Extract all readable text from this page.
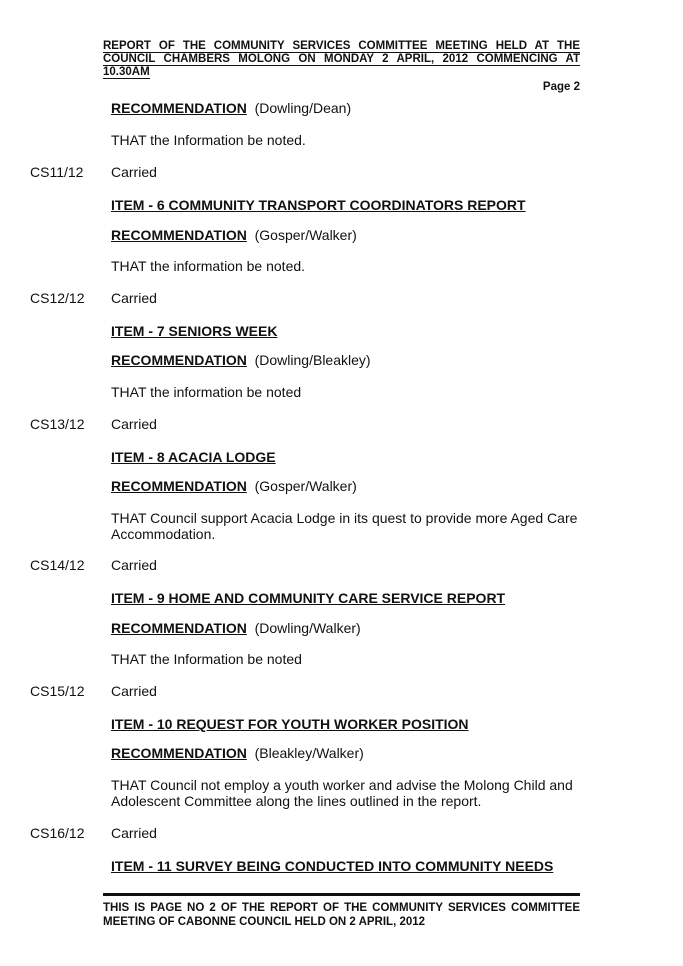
REPORT OF THE COMMUNITY SERVICES COMMITTEE MEETING HELD AT THE COUNCIL CHAMBERS MOLONG ON MONDAY 2 APRIL, 2012 COMMENCING AT 10.30AM
Page 2
RECOMMENDATION (Dowling/Dean)
THAT the Information be noted.
CS11/12 Carried
ITEM - 6 COMMUNITY TRANSPORT COORDINATORS REPORT
RECOMMENDATION (Gosper/Walker)
THAT the information be noted.
CS12/12 Carried
ITEM - 7 SENIORS WEEK
RECOMMENDATION (Dowling/Bleakley)
THAT the information be noted
CS13/12 Carried
ITEM - 8 ACACIA LODGE
RECOMMENDATION (Gosper/Walker)
THAT Council support Acacia Lodge in its quest to provide more Aged Care Accommodation.
CS14/12 Carried
ITEM - 9 HOME AND COMMUNITY CARE SERVICE REPORT
RECOMMENDATION (Dowling/Walker)
THAT the Information be noted
CS15/12 Carried
ITEM - 10 REQUEST FOR YOUTH WORKER POSITION
RECOMMENDATION (Bleakley/Walker)
THAT Council not employ a youth worker and advise the Molong Child and Adolescent Committee along the lines outlined in the report.
CS16/12 Carried
ITEM - 11 SURVEY BEING CONDUCTED INTO COMMUNITY NEEDS
THIS IS PAGE NO 2 OF THE REPORT OF THE COMMUNITY SERVICES COMMITTEE MEETING OF CABONNE COUNCIL HELD ON 2 APRIL, 2012
